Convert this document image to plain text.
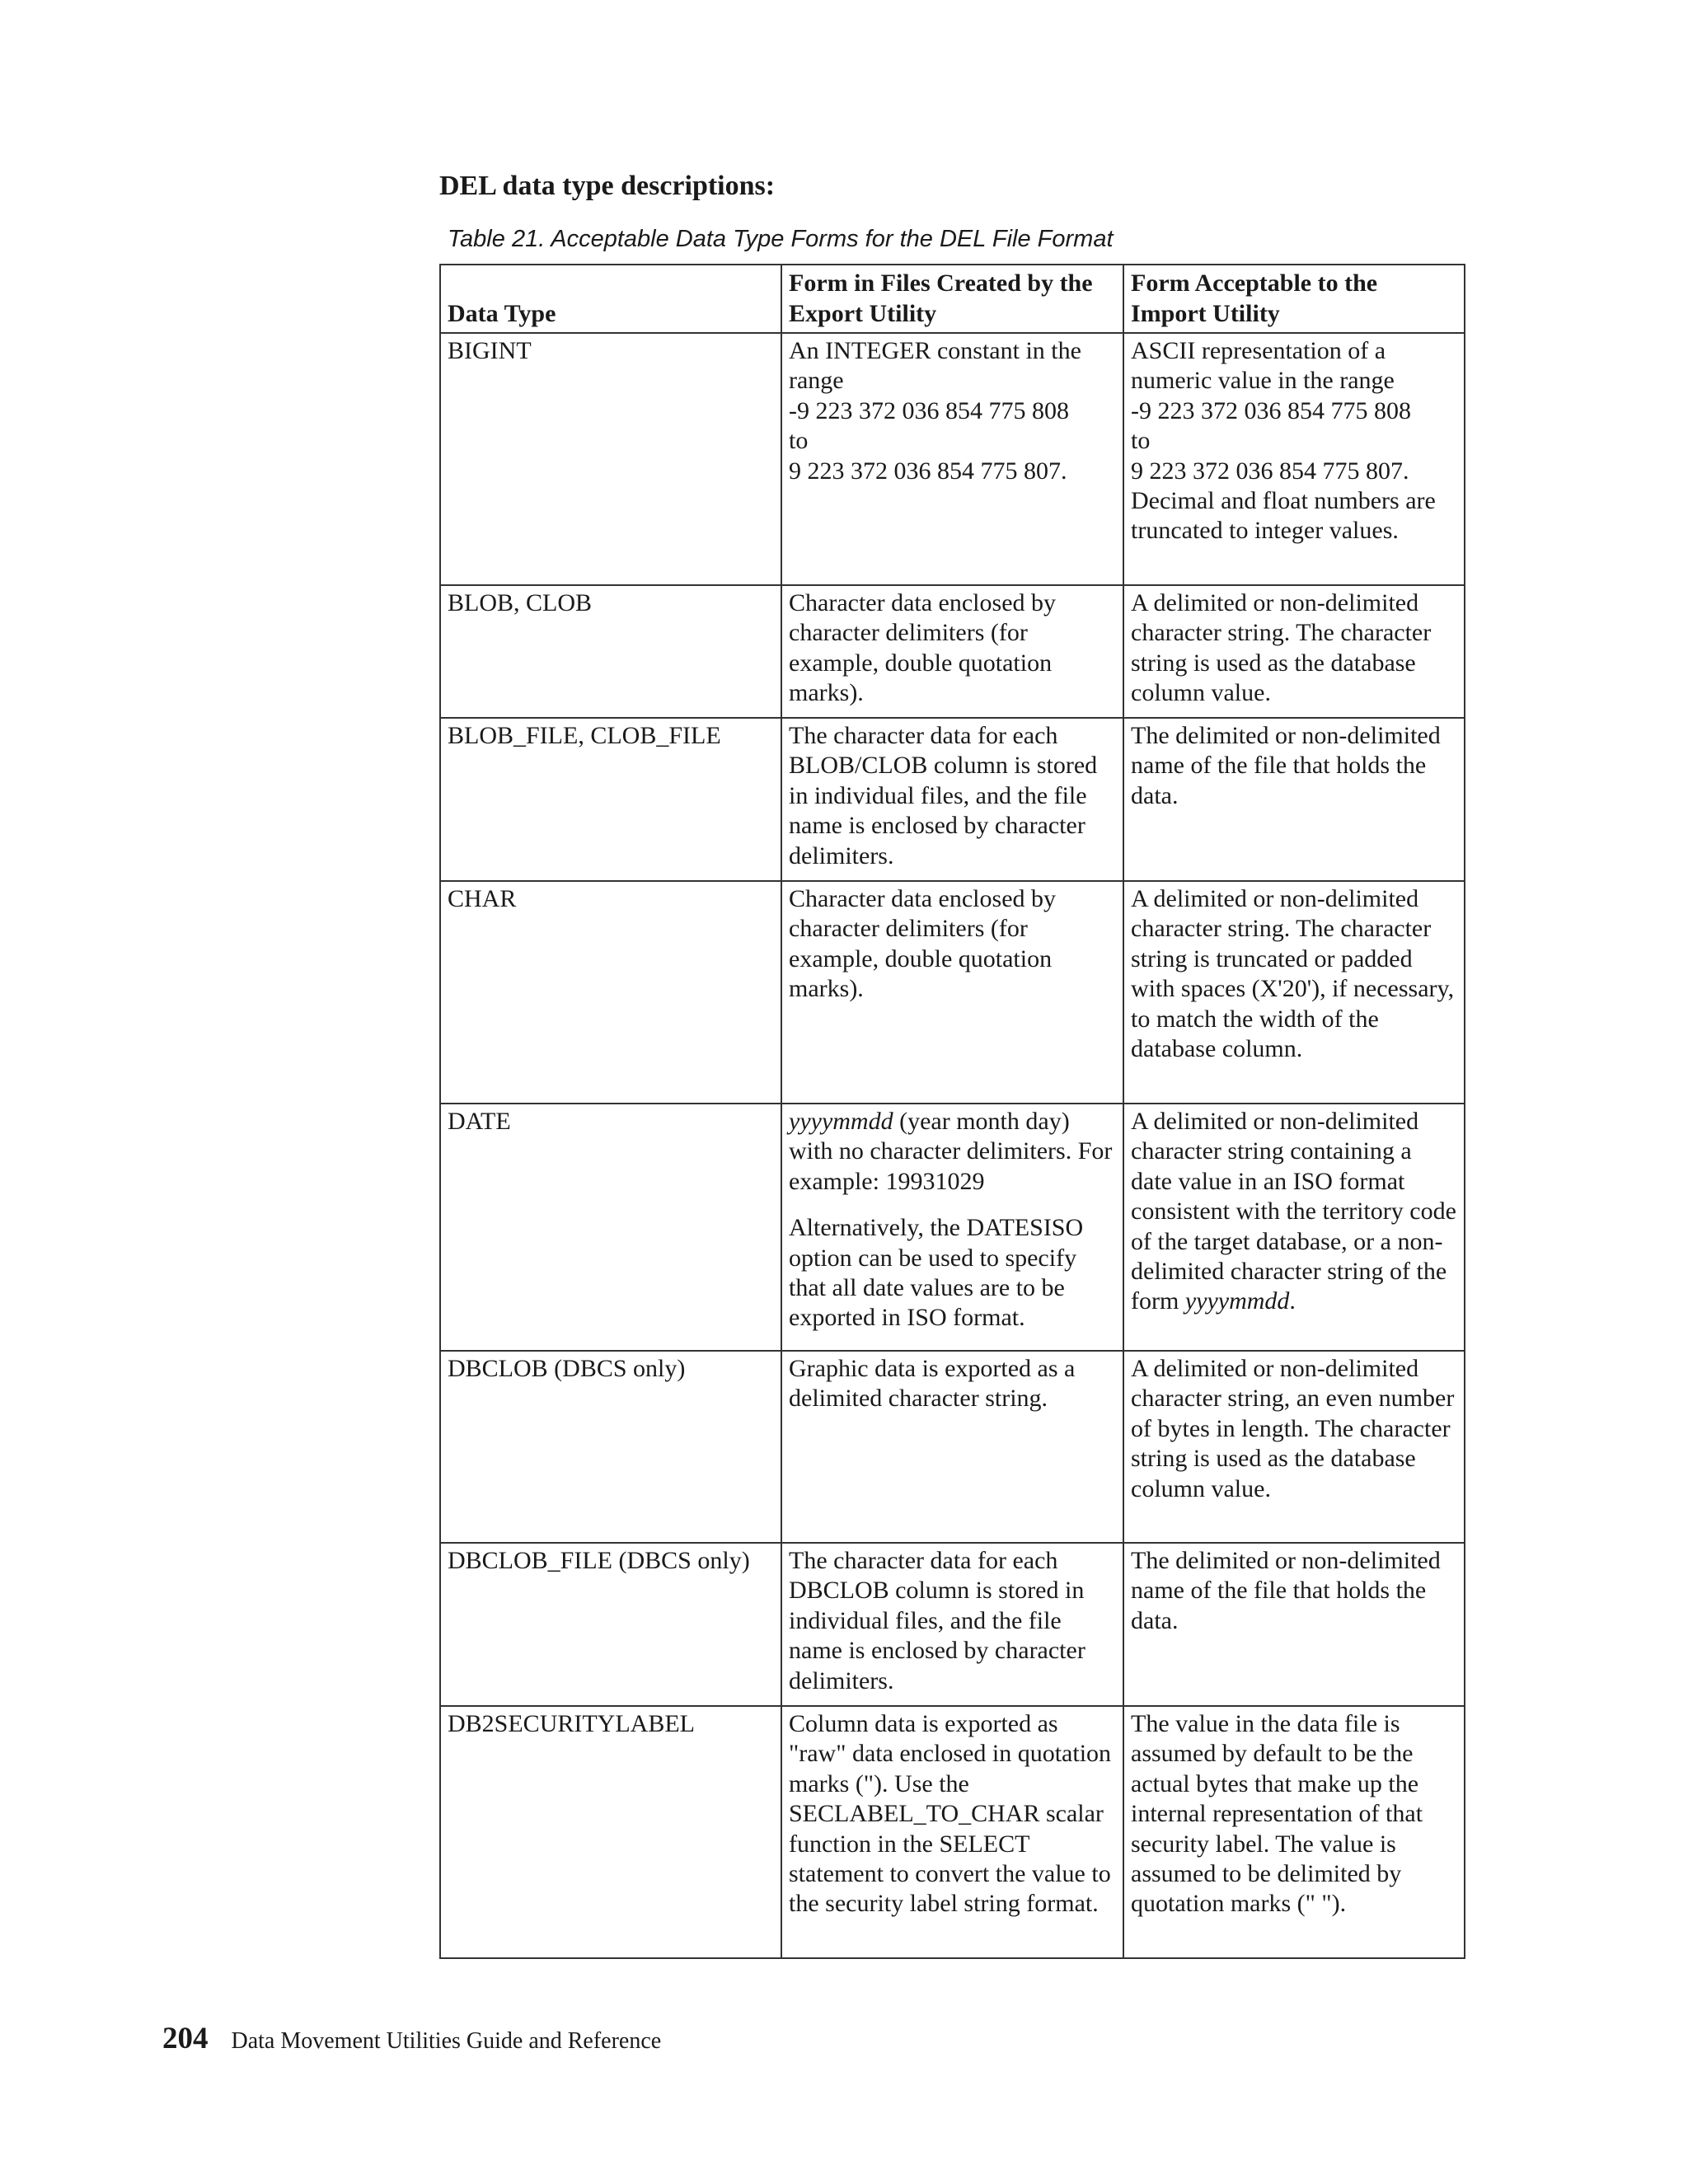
DEL data type descriptions:

Table 21. Acceptable Data Type Forms for the DEL File Format

Data Type	Form in Files Created by the Export Utility	Form Acceptable to the Import Utility

BIGINT	An INTEGER constant in the range
-9 223 372 036 854 775 808
to
9 223 372 036 854 775 807.	ASCII representation of a numeric value in the range
-9 223 372 036 854 775 808
to
9 223 372 036 854 775 807. Decimal and float numbers are truncated to integer values.

BLOB, CLOB	Character data enclosed by character delimiters (for example, double quotation marks).	A delimited or non-delimited character string. The character string is used as the database column value.

BLOB_FILE, CLOB_FILE	The character data for each BLOB/CLOB column is stored in individual files, and the file name is enclosed by character delimiters.	The delimited or non-delimited name of the file that holds the data.

CHAR	Character data enclosed by character delimiters (for example, double quotation marks).	A delimited or non-delimited character string. The character string is truncated or padded with spaces (X'20'), if necessary, to match the width of the database column.

DATE	yyyymmdd (year month day) with no character delimiters. For example: 19931029

Alternatively, the DATESISO option can be used to specify that all date values are to be exported in ISO format.	A delimited or non-delimited character string containing a date value in an ISO format consistent with the territory code of the target database, or a non-delimited character string of the form yyyymmdd.

DBCLOB (DBCS only)	Graphic data is exported as a delimited character string.	A delimited or non-delimited character string, an even number of bytes in length. The character string is used as the database column value.

DBCLOB_FILE (DBCS only)	The character data for each DBCLOB column is stored in individual files, and the file name is enclosed by character delimiters.	The delimited or non-delimited name of the file that holds the data.

DB2SECURITYLABEL	Column data is exported as "raw" data enclosed in quotation marks ("). Use the SECLABEL_TO_CHAR scalar function in the SELECT statement to convert the value to the security label string format.	The value in the data file is assumed by default to be the actual bytes that make up the internal representation of that security label. The value is assumed to be delimited by quotation marks (" ").

204 Data Movement Utilities Guide and Reference
